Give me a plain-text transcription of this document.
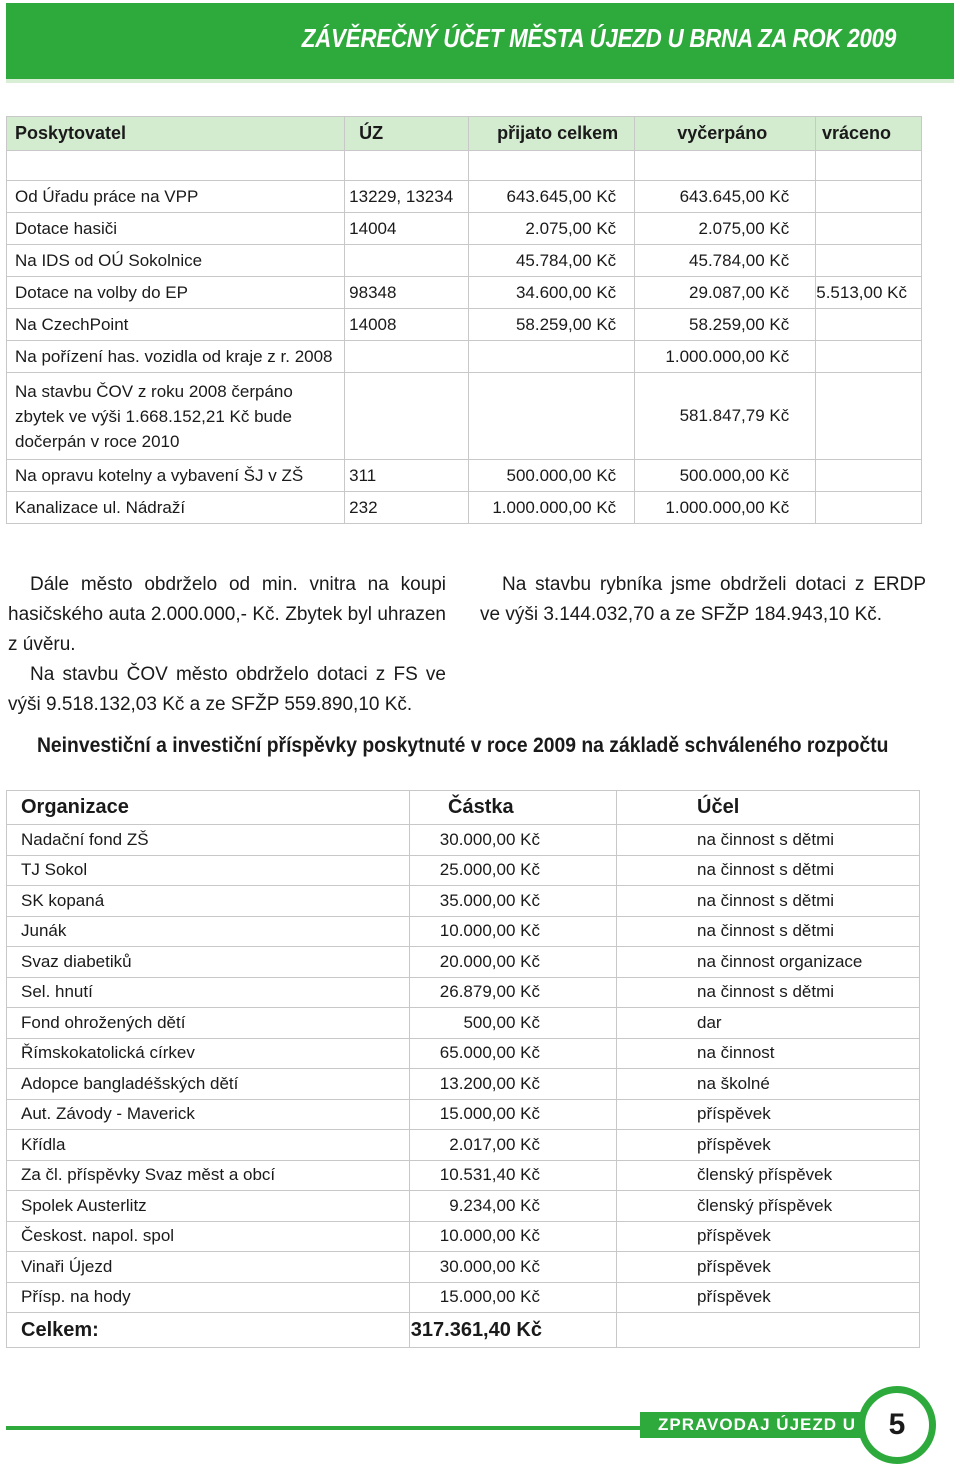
ZÁVĚREČNÝ ÚČET MĚSTA ÚJEZD U BRNA ZA ROK 2009
Poskytovatel	ÚZ	přijato celkem	vyčerpáno	vráceno

Od Úřadu práce na VPP	13229, 13234	643.645,00 Kč	643.645,00 Kč	
Dotace hasiči	14004	2.075,00 Kč	2.075,00 Kč	
Na IDS od OÚ Sokolnice		45.784,00 Kč	45.784,00 Kč	
Dotace na volby do EP	98348	34.600,00 Kč	29.087,00 Kč	5.513,00 Kč
Na CzechPoint	14008	58.259,00 Kč	58.259,00 Kč	
Na pořízení has. vozidla od kraje z r. 2008			1.000.000,00 Kč	
Na stavbu ČOV z roku 2008 čerpáno zbytek ve výši 1.668.152,21 Kč bude dočerpán v roce 2010			581.847,79 Kč	
Na opravu kotelny a vybavení ŠJ v ZŠ	311	500.000,00 Kč	500.000,00 Kč	
Kanalizace ul. Nádraží	232	1.000.000,00 Kč	1.000.000,00 Kč	

Dále město obdrželo od min. vnitra na koupi hasičského auta 2.000.000,- Kč. Zbytek byl uhrazen z úvěru.

Na stavbu ČOV město obdrželo dotaci z FS ve výši 9.518.132,03 Kč a ze SFŽP 559.890,10 Kč.

Na stavbu rybníka jsme obdrželi dotaci z ERDP ve výši 3.144.032,70 a ze SFŽP 184.943,10 Kč.

Neinvestiční a investiční příspěvky poskytnuté v roce 2009 na základě schváleného rozpočtu
Organizace	Částka	Účel
Nadační fond ZŠ	30.000,00 Kč	na činnost s dětmi
TJ Sokol	25.000,00 Kč	na činnost s dětmi
SK kopaná	35.000,00 Kč	na činnost s dětmi
Junák	10.000,00 Kč	na činnost s dětmi
Svaz diabetiků	20.000,00 Kč	na činnost organizace
Sel. hnutí	26.879,00 Kč	na činnost s dětmi
Fond ohrožených dětí	500,00 Kč	dar
Římskokatolická církev	65.000,00 Kč	na činnost
Adopce bangladéšských dětí	13.200,00 Kč	na školné
Aut. Závody - Maverick	15.000,00 Kč	příspěvek
Křídla	2.017,00 Kč	příspěvek
Za čl. příspěvky Svaz měst a obcí	10.531,40 Kč	členský příspěvek
Spolek Austerlitz	9.234,00 Kč	členský příspěvek
Českost. napol. spol	10.000,00 Kč	příspěvek
Vinaři Újezd	30.000,00 Kč	příspěvek
Přísp. na hody	15.000,00 Kč	příspěvek
Celkem:	317.361,40 Kč	
ZPRAVODAJ ÚJEZD U BRNA
5
